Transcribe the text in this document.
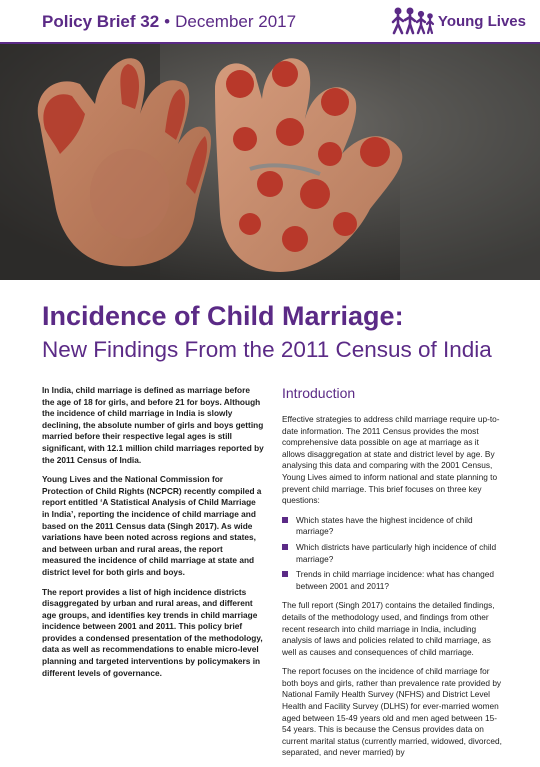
Policy Brief 32 • December 2017	Young Lives
Incidence of Child Marriage:
New Findings From the 2011 Census of India

In India, child marriage is defined as marriage before the age of 18 for girls, and before 21 for boys. Although the incidence of child marriage in India is slowly declining, the absolute number of girls and boys getting married before their respective legal ages is still significant, with 12.1 million child marriages reported by the 2011 Census of India.

Young Lives and the National Commission for Protection of Child Rights (NCPCR) recently compiled a report entitled ‘A Statistical Analysis of Child Marriage in India’, reporting the incidence of child marriage and based on the 2011 Census data (Singh 2017). As wide variations have been noted across regions and states, and between urban and rural areas, the report measured the incidence of child marriage at state and district level for both girls and boys.

The report provides a list of high incidence districts disaggregated by urban and rural areas, and different age groups, and identifies key trends in child marriage incidence between 2001 and 2011. This policy brief provides a condensed presentation of the methodology, data as well as recommendations to enable micro-level planning and targeted interventions by policymakers in different levels of governance.

Introduction

Effective strategies to address child marriage require up-to-date information. The 2011 Census provides the most comprehensive data possible on age at marriage as it allows disaggregation at state and district level by age. By analysing this data and comparing with the 2001 Census, Young Lives aimed to inform national and state planning to prevent child marriage. This brief focuses on three key questions:

Which states have the highest incidence of child marriage?
Which districts have particularly high incidence of child marriage?
Trends in child marriage incidence: what has changed between 2001 and 2011?

The full report (Singh 2017) contains the detailed findings, details of the methodology used, and findings from other recent research into child marriage in India, including analysis of laws and policies related to child marriage, as well as causes and consequences of child marriage.

The report focuses on the incidence of child marriage for both boys and girls, rather than prevalence rate provided by National Family Health Survey (NFHS) and District Level Health and Facility Survey (DLHS) for ever-married women aged between 15-49 years old and men aged between 15-54 years. This is because the Census provides data on current marital status (currently married, widowed, divorced, separated, and never married) by
